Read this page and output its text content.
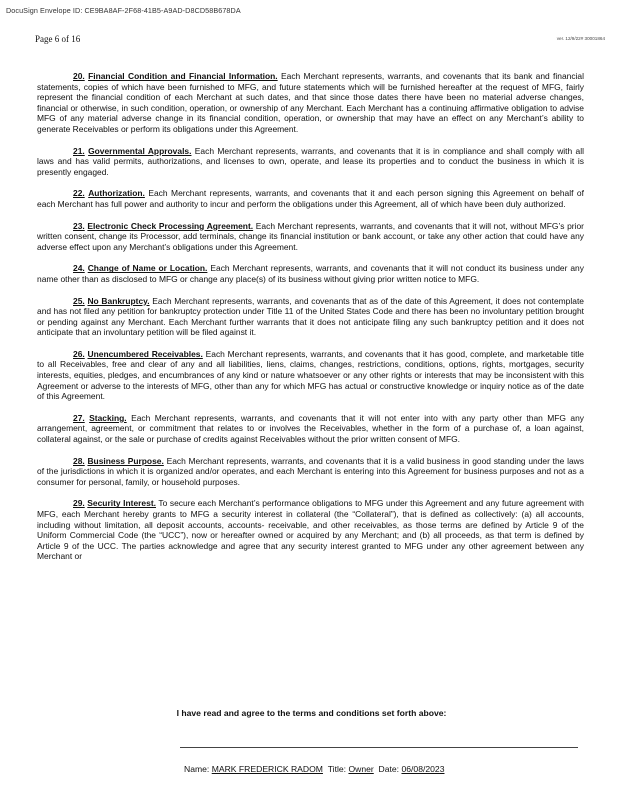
DocuSign Envelope ID: CE9BA8AF-2F68-41B5-A9AD-D8CD58B678DA
Page 6 of 16	ver. 12/9/22# 30001864

20. Financial Condition and Financial Information. Each Merchant represents, warrants, and covenants that its bank and financial statements, copies of which have been furnished to MFG, and future statements which will be furnished hereafter at the request of MFG, fairly represent the financial condition of each Merchant at such dates, and that since those dates there have been no material adverse changes, financial or otherwise, in such condition, operation, or ownership of any Merchant. Each Merchant has a continuing affirmative obligation to advise MFG of any material adverse change in its financial condition, operation, or ownership that may have an effect on any Merchant’s ability to generate Receivables or perform its obligations under this Agreement.

21. Governmental Approvals. Each Merchant represents, warrants, and covenants that it is in compliance and shall comply with all laws and has valid permits, authorizations, and licenses to own, operate, and lease its properties and to conduct the business in which it is presently engaged.

22. Authorization. Each Merchant represents, warrants, and covenants that it and each person signing this Agreement on behalf of each Merchant has full power and authority to incur and perform the obligations under this Agreement, all of which have been duly authorized.

23. Electronic Check Processing Agreement. Each Merchant represents, warrants, and covenants that it will not, without MFG’s prior written consent, change its Processor, add terminals, change its financial institution or bank account, or take any other action that could have any adverse effect upon any Merchant’s obligations under this Agreement.

24. Change of Name or Location. Each Merchant represents, warrants, and covenants that it will not conduct its business under any name other than as disclosed to MFG or change any place(s) of its business without giving prior written notice to MFG.

25. No Bankruptcy. Each Merchant represents, warrants, and covenants that as of the date of this Agreement, it does not contemplate and has not filed any petition for bankruptcy protection under Title 11 of the United States Code and there has been no involuntary petition brought or pending against any Merchant. Each Merchant further warrants that it does not anticipate filing any such bankruptcy petition and it does not anticipate that an involuntary petition will be filed against it.

26. Unencumbered Receivables. Each Merchant represents, warrants, and covenants that it has good, complete, and marketable title to all Receivables, free and clear of any and all liabilities, liens, claims, changes, restrictions, conditions, options, rights, mortgages, security interests, equities, pledges, and encumbrances of any kind or nature whatsoever or any other rights or interests that may be inconsistent with this Agreement or adverse to the interests of MFG, other than any for which MFG has actual or constructive knowledge or inquiry notice as of the date of this Agreement.

27. Stacking. Each Merchant represents, warrants, and covenants that it will not enter into with any party other than MFG any arrangement, agreement, or commitment that relates to or involves the Receivables, whether in the form of a purchase of, a loan against, collateral against, or the sale or purchase of credits against Receivables without the prior written consent of MFG.

28. Business Purpose. Each Merchant represents, warrants, and covenants that it is a valid business in good standing under the laws of the jurisdictions in which it is organized and/or operates, and each Merchant is entering into this Agreement for business purposes and not as a consumer for personal, family, or household purposes.

29. Security Interest. To secure each Merchant’s performance obligations to MFG under this Agreement and any future agreement with MFG, each Merchant hereby grants to MFG a security interest in collateral (the “Collateral”), that is defined as collectively: (a) all accounts, including without limitation, all deposit accounts, accounts- receivable, and other receivables, as those terms are defined by Article 9 of the Uniform Commercial Code (the “UCC”), now or hereafter owned or acquired by any Merchant; and (b) all proceeds, as that term is defined by Article 9 of the UCC. The parties acknowledge and agree that any security interest granted to MFG under any other agreement between any Merchant or

I have read and agree to the terms and conditions set forth above:
Name: MARK FREDERICK RADOM Title: Owner Date: 06/08/2023
